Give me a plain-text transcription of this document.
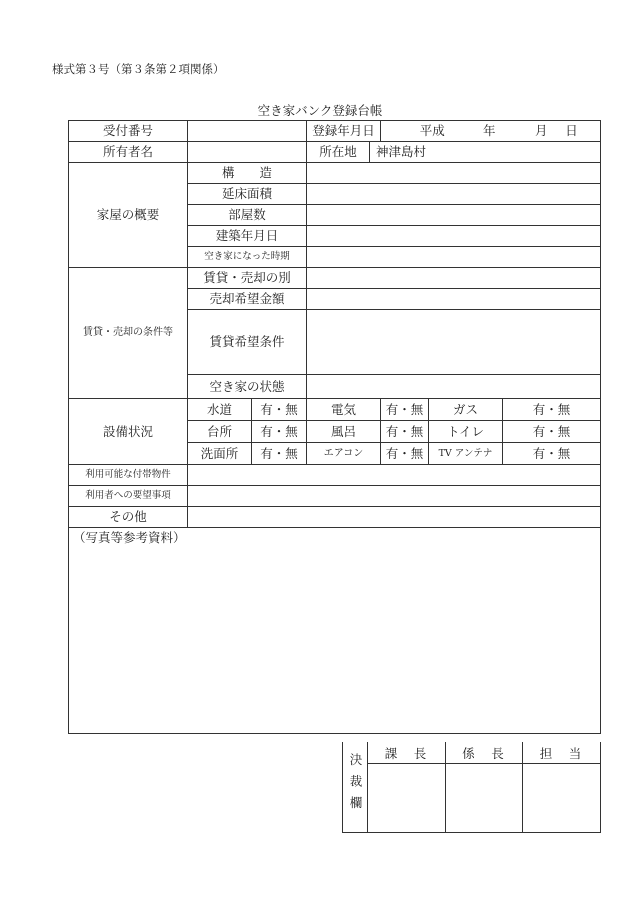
様式第３号（第３条第２項関係）
空き家バンク登録台帳
受付番号			登録年月日		平成 年 月 日		
所有者名			所在地	神津島村			
家屋の概要	構　　造						
	延床面積						
	部屋数						
	建築年月日						
	空き家になった時期						
賃貸・売却の条件等	賃貸・売却の別						
	売却希望金額						
	賃貸希望条件						
	空き家の状態						
設備状況	水道	有・無	電気		有・無	ガス	有・無
	台所	有・無	風呂		有・無	トイレ	有・無
	洗面所	有・無	エアコン		有・無	TV アンテナ	有・無
利用可能な付帯物件							
利用者への要望事項							
その他							
（写真等参考資料）							
決裁欄	課　長	係　長	担　当
